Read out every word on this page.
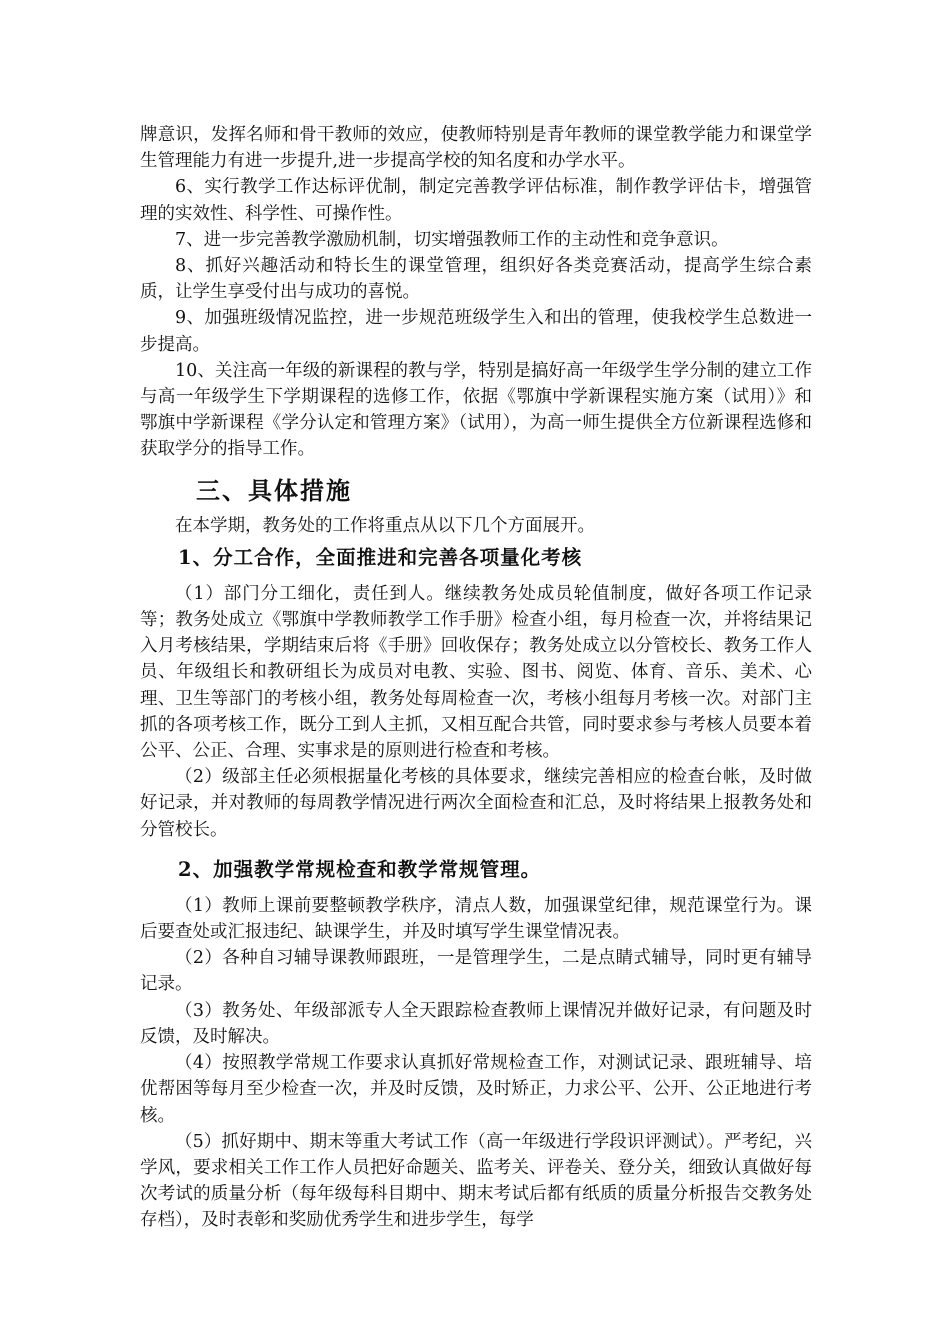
牌意识，发挥名师和骨干教师的效应，使教师特别是青年教师的课堂教学能力和课堂学生管理能力有进一步提升,进一步提高学校的知名度和办学水平。

6、实行教学工作达标评优制，制定完善教学评估标准，制作教学评估卡，增强管理的实效性、科学性、可操作性。

7、进一步完善教学激励机制，切实增强教师工作的主动性和竞争意识。

8、抓好兴趣活动和特长生的课堂管理，组织好各类竞赛活动，提高学生综合素质，让学生享受付出与成功的喜悦。

9、加强班级情况监控，进一步规范班级学生入和出的管理，使我校学生总数进一步提高。

10、关注高一年级的新课程的教与学，特别是搞好高一年级学生学分制的建立工作与高一年级学生下学期课程的选修工作，依据《鄂旗中学新课程实施方案（试用）》和鄂旗中学新课程《学分认定和管理方案》（试用），为高一师生提供全方位新课程选修和获取学分的指导工作。

三、具体措施

在本学期，教务处的工作将重点从以下几个方面展开。

1、分工合作，全面推进和完善各项量化考核

（1）部门分工细化，责任到人。继续教务处成员轮值制度，做好各项工作记录等；教务处成立《鄂旗中学教师教学工作手册》检查小组，每月检查一次，并将结果记入月考核结果，学期结束后将《手册》回收保存；教务处成立以分管校长、教务工作人员、年级组长和教研组长为成员对电教、实验、图书、阅览、体育、音乐、美术、心理、卫生等部门的考核小组，教务处每周检查一次，考核小组每月考核一次。对部门主抓的各项考核工作，既分工到人主抓，又相互配合共管，同时要求参与考核人员要本着公平、公正、合理、实事求是的原则进行检查和考核。

（2）级部主任必须根据量化考核的具体要求，继续完善相应的检查台帐，及时做好记录，并对教师的每周教学情况进行两次全面检查和汇总，及时将结果上报教务处和分管校长。

2、加强教学常规检查和教学常规管理。

（1）教师上课前要整顿教学秩序，清点人数，加强课堂纪律，规范课堂行为。课后要查处或汇报违纪、缺课学生，并及时填写学生课堂情况表。

（2）各种自习辅导课教师跟班，一是管理学生，二是点睛式辅导，同时更有辅导记录。

（3）教务处、年级部派专人全天跟踪检查教师上课情况并做好记录，有问题及时反馈，及时解决。

（4）按照教学常规工作要求认真抓好常规检查工作，对测试记录、跟班辅导、培优帮困等每月至少检查一次，并及时反馈，及时矫正，力求公平、公开、公正地进行考核。

（5）抓好期中、期末等重大考试工作（高一年级进行学段识评测试）。严考纪，兴学风，要求相关工作工作人员把好命题关、监考关、评卷关、登分关，细致认真做好每次考试的质量分析（每年级每科目期中、期末考试后都有纸质的质量分析报告交教务处存档），及时表彰和奖励优秀学生和进步学生，每学
